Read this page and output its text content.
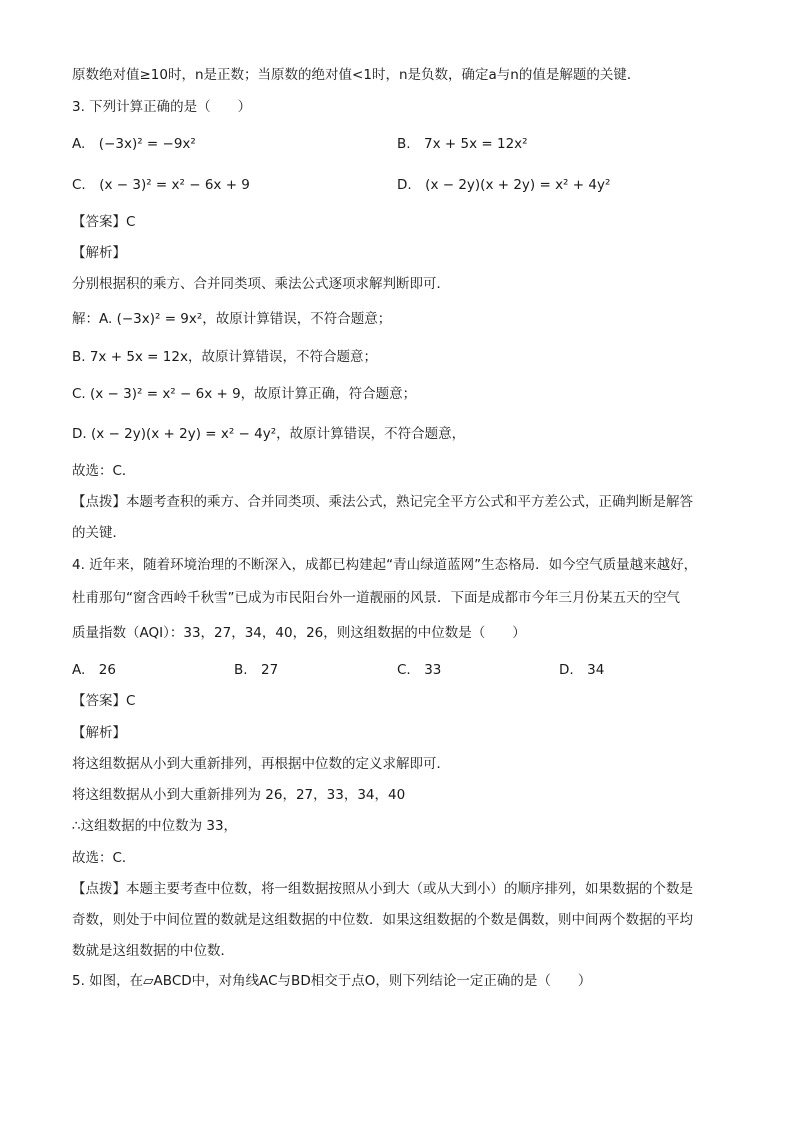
原数绝对值≥10时，n是正数；当原数的绝对值<1时，n是负数，确定a与n的值是解题的关键．
3. 下列计算正确的是（　　）
A.　(−3x)² = −9x²	B.　7x + 5x = 12x²
C.　(x − 3)² = x² − 6x + 9	D.　(x − 2y)(x + 2y) = x² + 4y²
【答案】C
【解析】
分别根据积的乘方、合并同类项、乘法公式逐项求解判断即可．
解：A. (−3x)² = 9x²，故原计算错误，不符合题意；
B. 7x + 5x = 12x，故原计算错误，不符合题意；
C. (x − 3)² = x² − 6x + 9，故原计算正确，符合题意；
D. (x − 2y)(x + 2y) = x² − 4y²，故原计算错误，不符合题意，
故选：C．
【点拨】本题考查积的乘方、合并同类项、乘法公式，熟记完全平方公式和平方差公式，正确判断是解答
的关键．
4. 近年来，随着环境治理的不断深入，成都已构建起“青山绿道蓝网”生态格局．如今空气质量越来越好，
杜甫那句“窗含西岭千秋雪”已成为市民阳台外一道靓丽的风景．下面是成都市今年三月份某五天的空气
质量指数（AQI）：33，27，34，40，26，则这组数据的中位数是（　　）
A.　26	B.　27	C.　33	D.　34
【答案】C
【解析】
将这组数据从小到大重新排列，再根据中位数的定义求解即可．
将这组数据从小到大重新排列为 26，27，33，34，40
∴这组数据的中位数为 33，
故选：C．
【点拨】本题主要考查中位数，将一组数据按照从小到大（或从大到小）的顺序排列，如果数据的个数是
奇数，则处于中间位置的数就是这组数据的中位数．如果这组数据的个数是偶数，则中间两个数据的平均
数就是这组数据的中位数．
5. 如图，在▱ABCD中，对角线AC与BD相交于点O，则下列结论一定正确的是（　　）
